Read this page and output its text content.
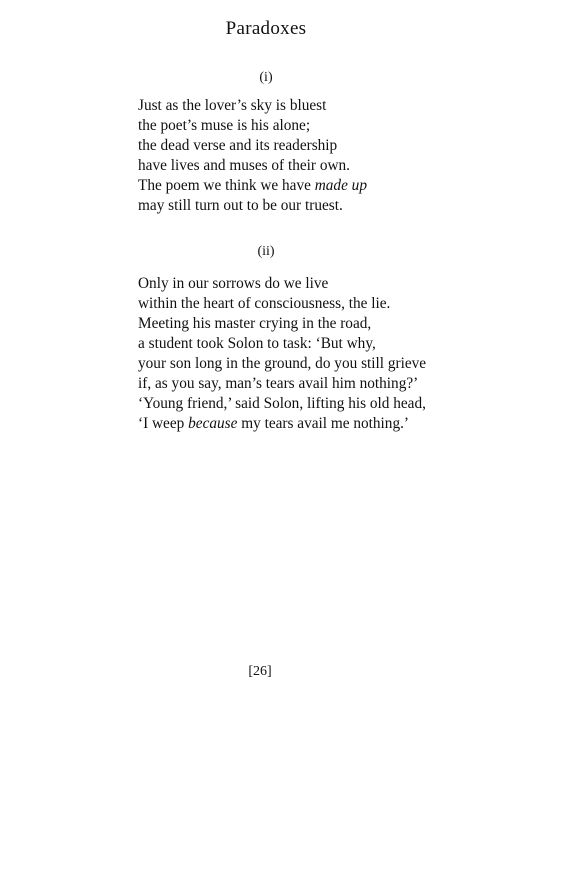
Paradoxes
(i)
Just as the lover’s sky is bluest
the poet’s muse is his alone;
the dead verse and its readership
have lives and muses of their own.
The poem we think we have made up
may still turn out to be our truest.
(ii)
Only in our sorrows do we live
within the heart of consciousness, the lie.
Meeting his master crying in the road,
a student took Solon to task: ‘But why,
your son long in the ground, do you still grieve
if, as you say, man’s tears avail him nothing?’
‘Young friend,’ said Solon, lifting his old head,
‘I weep because my tears avail me nothing.’
[26]
